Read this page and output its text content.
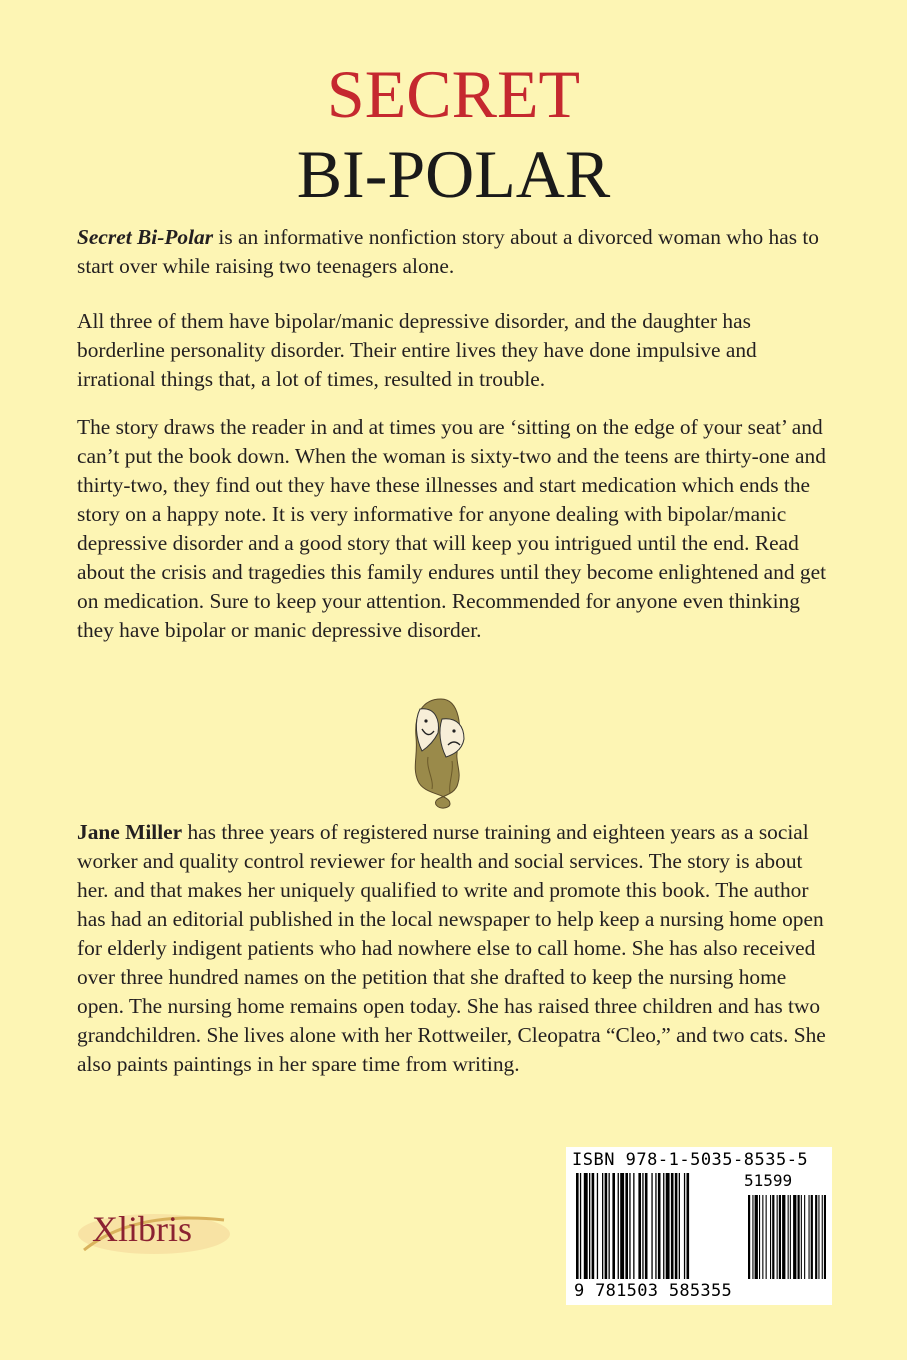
SECRET
BI-POLAR

Secret Bi-Polar is an informative nonfiction story about a divorced woman who has to start over while raising two teenagers alone.

All three of them have bipolar/manic depressive disorder, and the daughter has borderline personality disorder. Their entire lives they have done impulsive and irrational things that, a lot of times, resulted in trouble.

The story draws the reader in and at times you are ‘sitting on the edge of your seat’ and can’t put the book down. When the woman is sixty-two and the teens are thirty-one and thirty-two, they find out they have these illnesses and start medication which ends the story on a happy note. It is very informative for anyone dealing with bipolar/manic depressive disorder and a good story that will keep you intrigued until the end. Read about the crisis and tragedies this family endures until they become enlightened and get on medication. Sure to keep your attention. Recommended for anyone even thinking they have bipolar or manic depressive disorder.

Jane Miller has three years of registered nurse training and eighteen years as a social worker and quality control reviewer for health and social services. The story is about her. and that makes her uniquely qualified to write and promote this book. The author has had an editorial published in the local newspaper to help keep a nursing home open for elderly indigent patients who had nowhere else to call home. She has also received over three hundred names on the petition that she drafted to keep the nursing home open. The nursing home remains open today. She has raised three children and has two grandchildren. She lives alone with her Rottweiler, Cleopatra “Cleo,” and two cats. She also paints paintings in her spare time from writing.

Xlibris
ISBN 978-1-5035-8535-5
51599
9 781503 585355
